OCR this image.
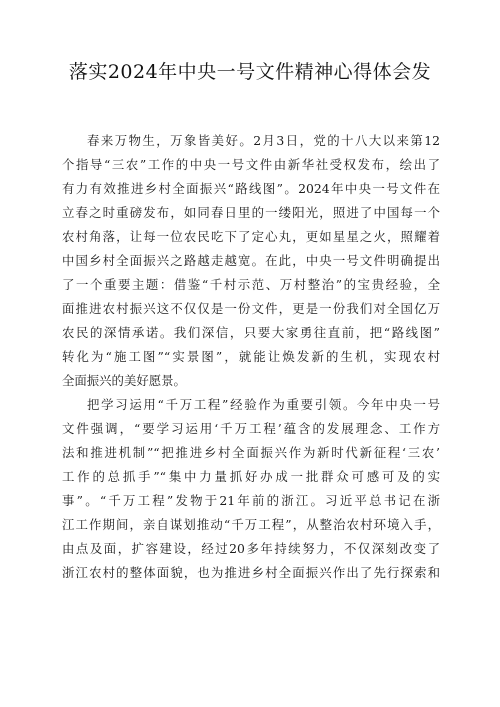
落实2024年中央一号文件精神心得体会发
春来万物生，万象皆美好。2月3日，党的十八大以来第12
个指导“三农”工作的中央一号文件由新华社受权发布，绘出了
有力有效推进乡村全面振兴“路线图”。2024年中央一号文件在
立春之时重磅发布，如同春日里的一缕阳光，照进了中国每一个
农村角落，让每一位农民吃下了定心丸，更如星星之火，照耀着
中国乡村全面振兴之路越走越宽。在此，中央一号文件明确提出
了一个重要主题：借鉴“千村示范、万村整治”的宝贵经验，全
面推进农村振兴这不仅仅是一份文件，更是一份我们对全国亿万
农民的深情承诺。我们深信，只要大家勇往直前，把“路线图”
转化为“施工图”“实景图”，就能让焕发新的生机，实现农村
全面振兴的美好愿景。
把学习运用“千万工程”经验作为重要引领。今年中央一号
文件强调，“要学习运用‘千万工程’蕴含的发展理念、工作方
法和推进机制”“把推进乡村全面振兴作为新时代新征程‘三农’
工作的总抓手”“集中力量抓好办成一批群众可感可及的实
事”。“千万工程”发物于21年前的浙江。习近平总书记在浙
江工作期间，亲自谋划推动“千万工程”，从整治农村环境入手，
由点及面，扩容建设，经过20多年持续努力，不仅深刻改变了
浙江农村的整体面貌，也为推进乡村全面振兴作出了先行探索和
